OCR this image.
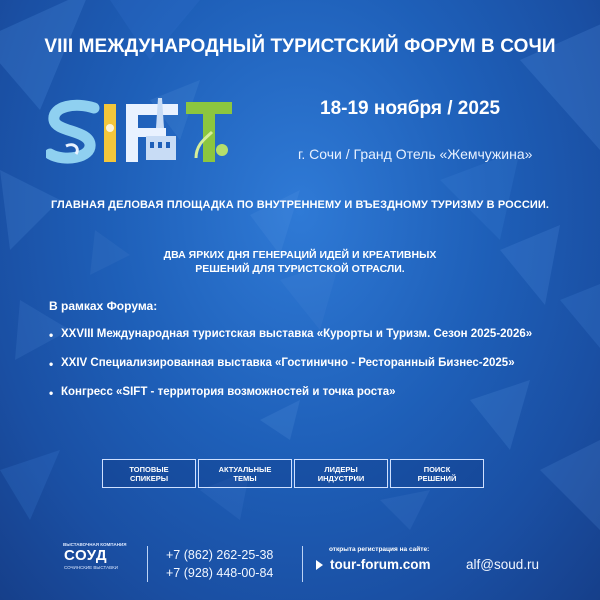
VIII МЕЖДУНАРОДНЫЙ ТУРИСТСКИЙ ФОРУМ В СОЧИ
18-19 ноября / 2025
г. Сочи / Гранд Отель «Жемчужина»
ГЛАВНАЯ ДЕЛОВАЯ ПЛОЩАДКА ПО ВНУТРЕННЕМУ И ВЪЕЗДНОМУ ТУРИЗМУ В РОССИИ.
ДВА ЯРКИХ ДНЯ ГЕНЕРАЦИЙ ИДЕЙ И КРЕАТИВНЫХ
РЕШЕНИЙ ДЛЯ ТУРИСТСКОЙ ОТРАСЛИ.
В рамках Форума:
• XXVIII Международная туристская выставка «Курорты и Туризм. Сезон 2025-2026»
• XXIV Специализированная выставка «Гостинично - Ресторанный Бизнес-2025»
• Конгресс «SIFT - территория возможностей и точка роста»
ТОПОВЫЕ
СПИКЕРЫ
АКТУАЛЬНЫЕ
ТЕМЫ
ЛИДЕРЫ
ИНДУСТРИИ
ПОИСК
РЕШЕНИЙ
ВЫСТАВОЧНАЯ КОМПАНИЯ
СОУД
СОЧИНСКИЕ ВЫСТАВКИ
+7 (862) 262-25-38
+7 (928) 448-00-84
открыта регистрация на сайте:
tour-forum.com	alf@soud.ru
